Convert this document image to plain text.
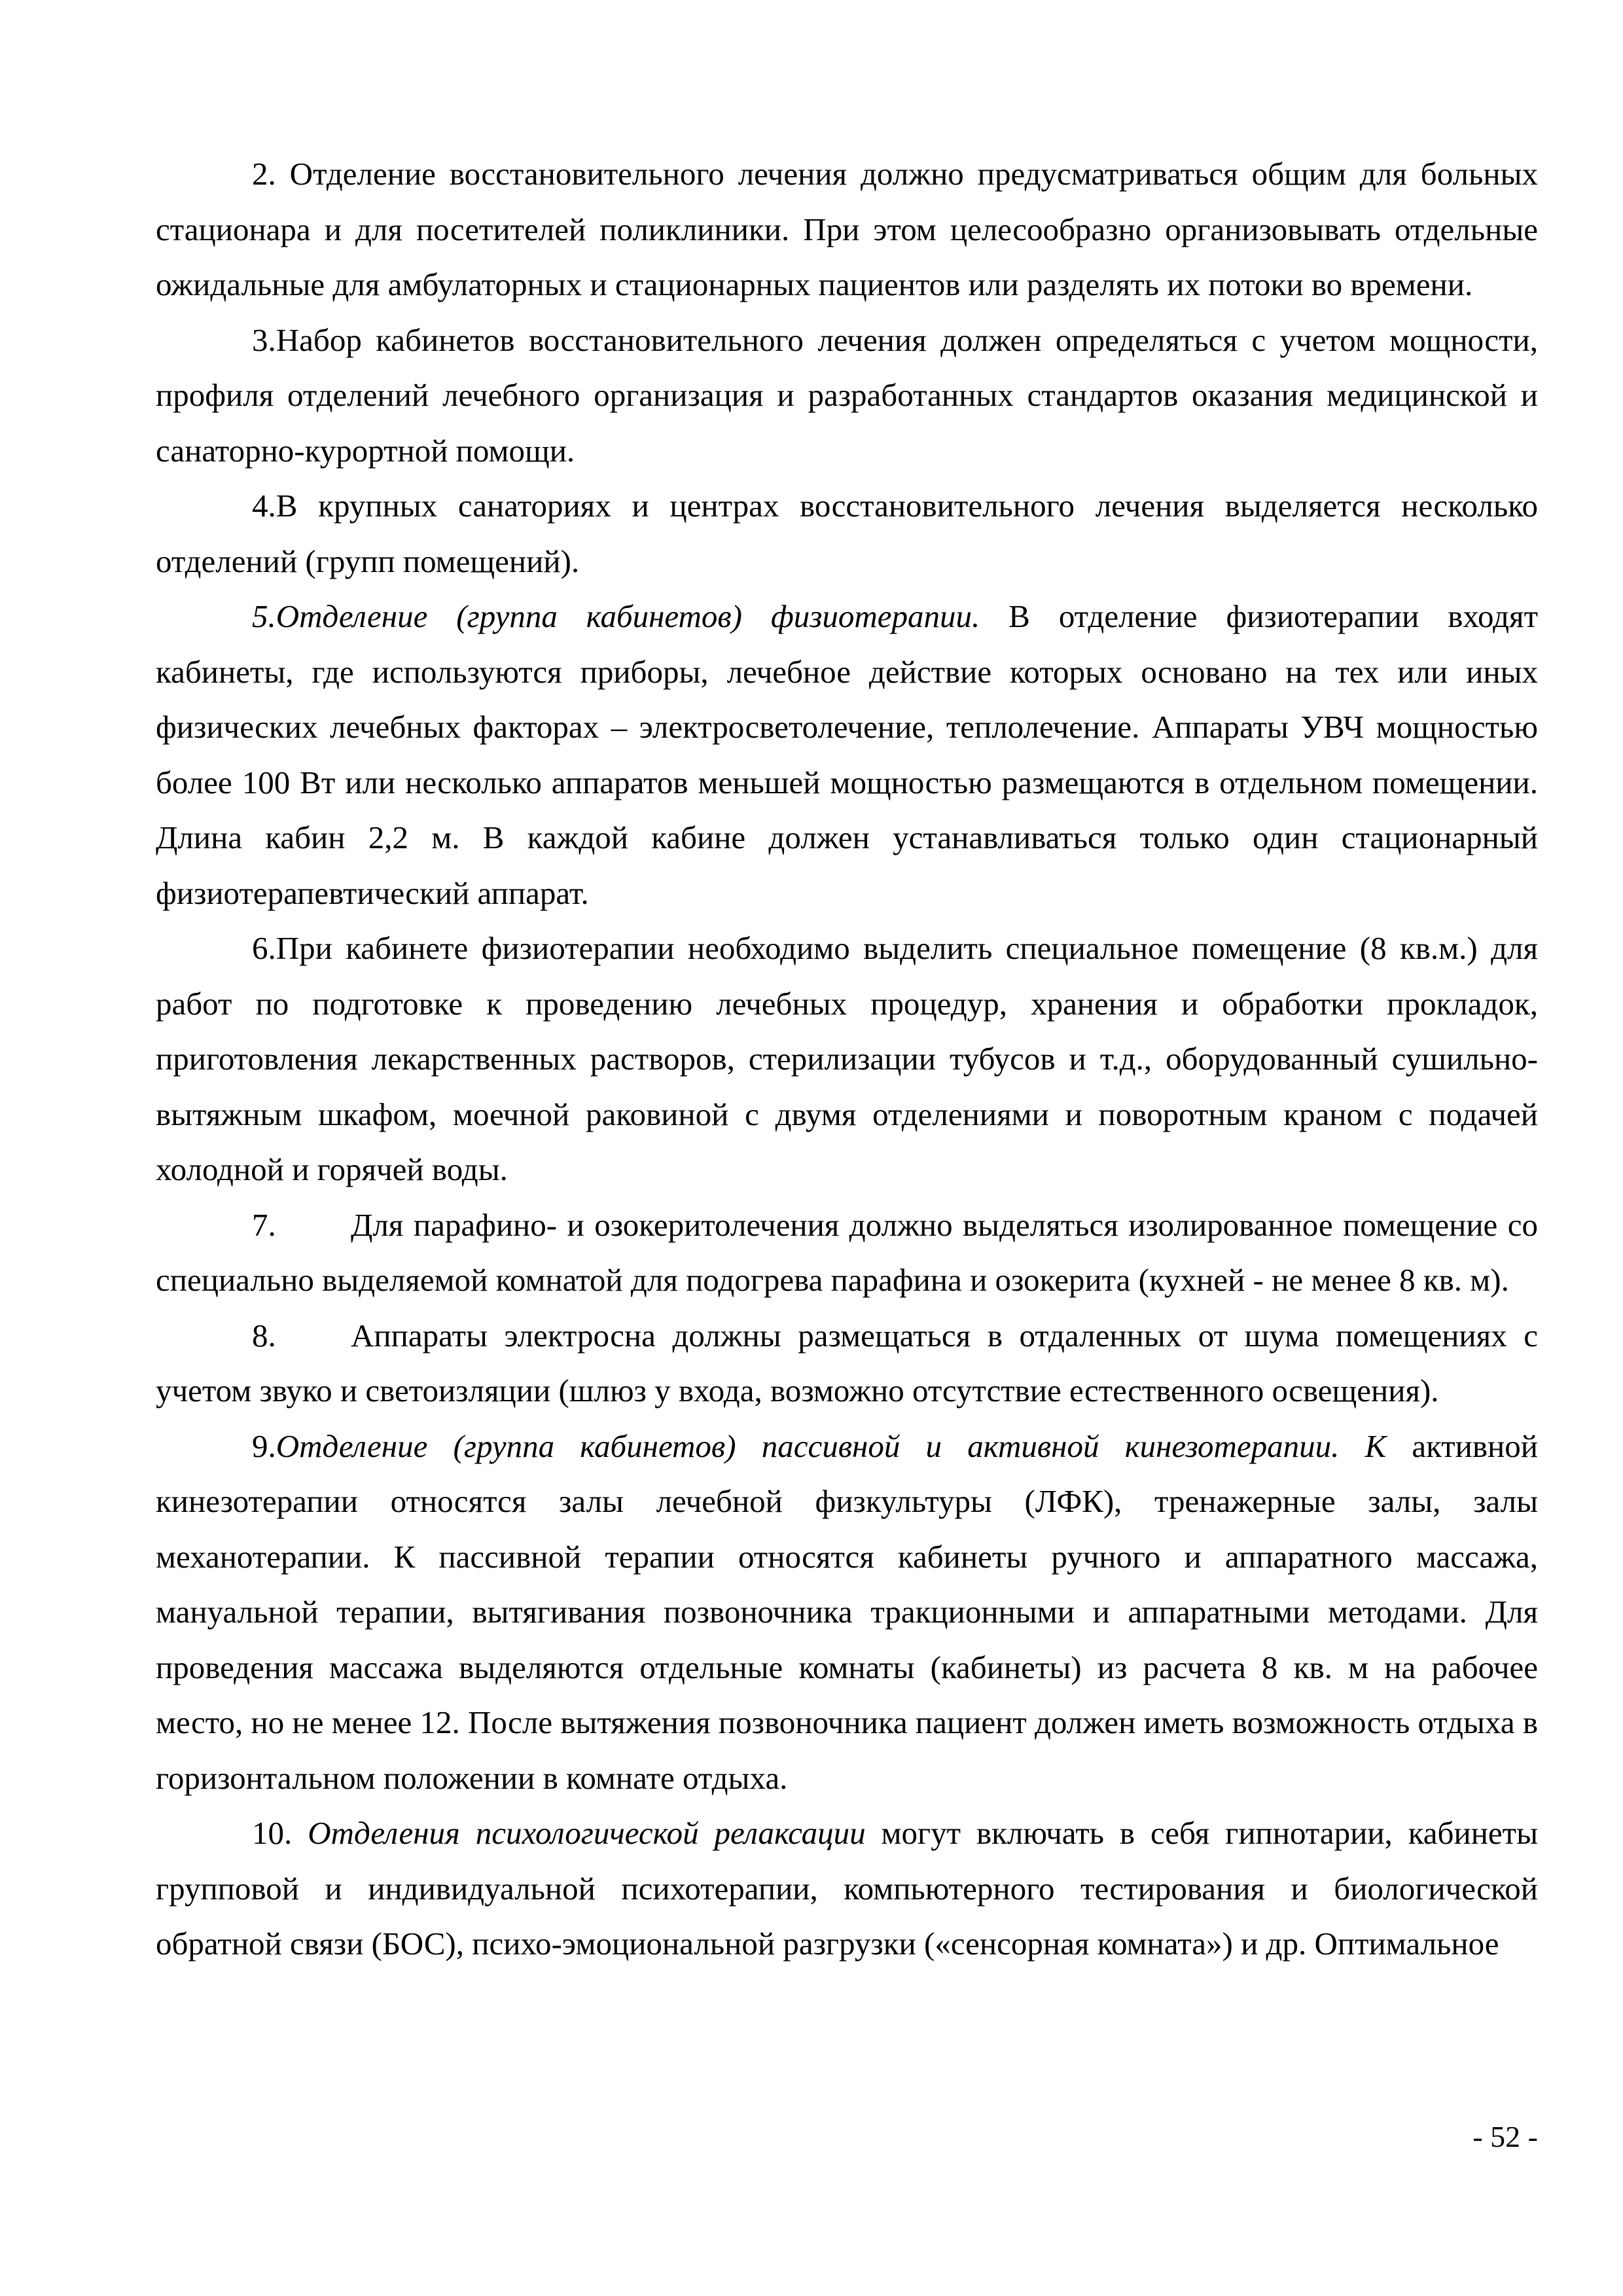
2. Отделение восстановительного лечения должно предусматриваться общим для больных стационара и для посетителей поликлиники. При этом целесообразно организовывать отдельные ожидальные для амбулаторных и стационарных пациентов или разделять их потоки во времени.

3.Набор кабинетов восстановительного лечения должен определяться с учетом мощности, профиля отделений лечебного организация и разработанных стандартов оказания медицинской и санаторно-курортной помощи.

4.В крупных санаториях и центрах восстановительного лечения выделяется несколько отделений (групп помещений).

5.Отделение (группа кабинетов) физиотерапии. В отделение физиотерапии входят кабинеты, где используются приборы, лечебное действие которых основано на тех или иных физических лечебных факторах – электросветолечение, теплолечение. Аппараты УВЧ мощностью более 100 Вт или несколько аппаратов меньшей мощностью размещаются в отдельном помещении. Длина кабин 2,2 м. В каждой кабине должен устанавливаться только один стационарный физиотерапевтический аппарат.

6.При кабинете физиотерапии необходимо выделить специальное помещение (8 кв.м.) для работ по подготовке к проведению лечебных процедур, хранения и обработки прокладок, приготовления лекарственных растворов, стерилизации тубусов и т.д., оборудованный сушильно-вытяжным шкафом, моечной раковиной с двумя отделениями и поворотным краном с подачей холодной и горячей воды.

7. Для парафино- и озокеритолечения должно выделяться изолированное помещение со специально выделяемой комнатой для подогрева парафина и озокерита (кухней - не менее 8 кв. м).

8. Аппараты электросна должны размещаться в отдаленных от шума помещениях с учетом звуко и светоизляции (шлюз у входа, возможно отсутствие естественного освещения).

9.Отделение (группа кабинетов) пассивной и активной кинезотерапии. К активной кинезотерапии относятся залы лечебной физкультуры (ЛФК), тренажерные залы, залы механотерапии. К пассивной терапии относятся кабинеты ручного и аппаратного массажа, мануальной терапии, вытягивания позвоночника тракционными и аппаратными методами. Для проведения массажа выделяются отдельные комнаты (кабинеты) из расчета 8 кв. м на рабочее место, но не менее 12. После вытяжения позвоночника пациент должен иметь возможность отдыха в горизонтальном положении в комнате отдыха.

10. Отделения психологической релаксации могут включать в себя гипнотарии, кабинеты групповой и индивидуальной психотерапии, компьютерного тестирования и биологической обратной связи (БОС), психо-эмоциональной разгрузки («сенсорная комната») и др. Оптимальное

- 52 -
